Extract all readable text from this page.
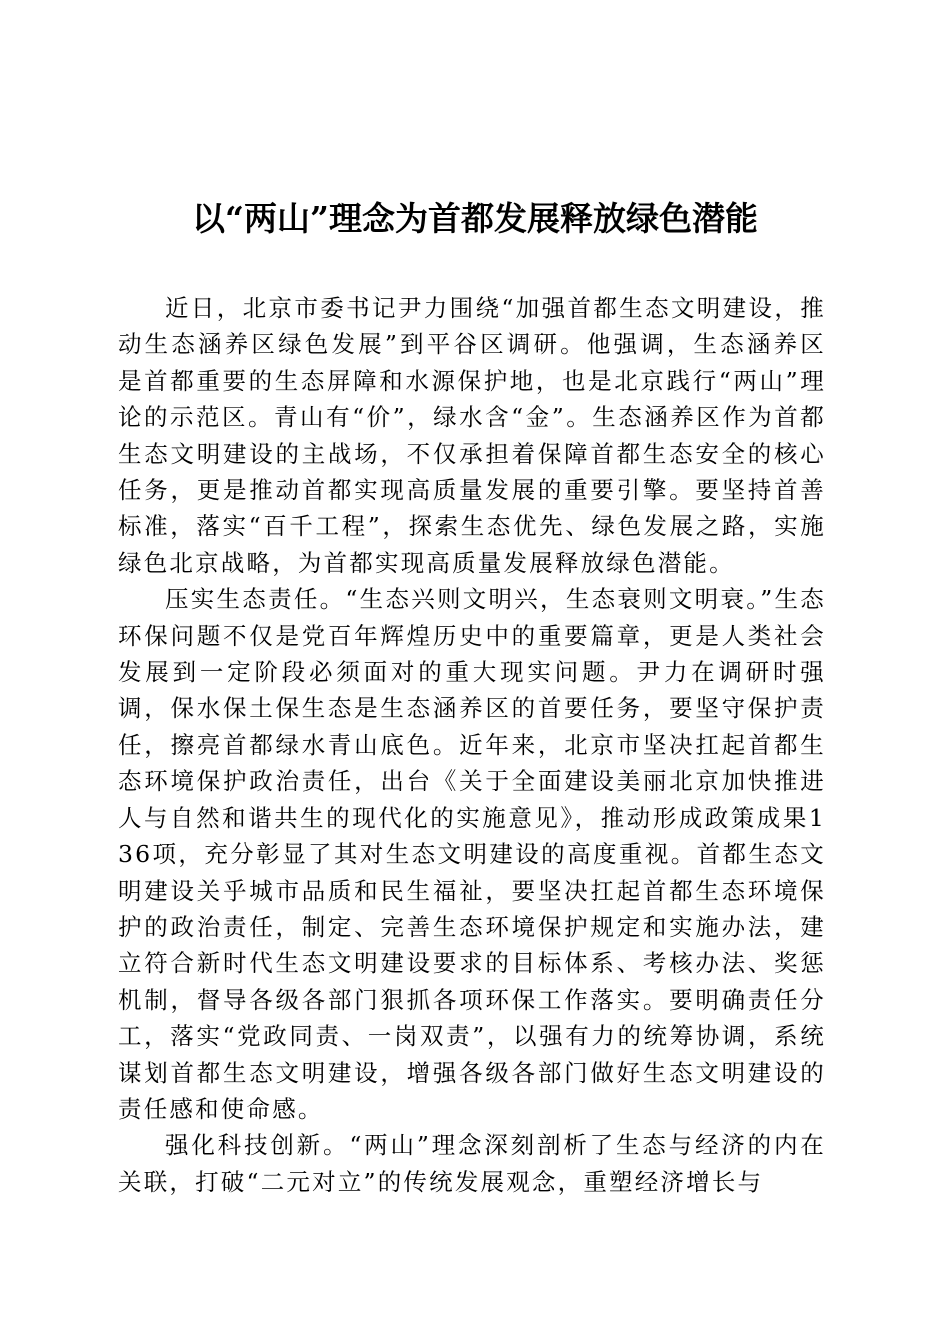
以“两山”理念为首都发展释放绿色潜能

近日，北京市委书记尹力围绕“加强首都生态文明建设，推动生态涵养区绿色发展”到平谷区调研。他强调，生态涵养区是首都重要的生态屏障和水源保护地，也是北京践行“两山”理论的示范区。青山有“价”，绿水含“金”。生态涵养区作为首都生态文明建设的主战场，不仅承担着保障首都生态安全的核心任务，更是推动首都实现高质量发展的重要引擎。要坚持首善标准，落实“百千工程”，探索生态优先、绿色发展之路，实施绿色北京战略，为首都实现高质量发展释放绿色潜能。

压实生态责任。“生态兴则文明兴，生态衰则文明衰。”生态环保问题不仅是党百年辉煌历史中的重要篇章，更是人类社会发展到一定阶段必须面对的重大现实问题。尹力在调研时强调，保水保土保生态是生态涵养区的首要任务，要坚守保护责任，擦亮首都绿水青山底色。近年来，北京市坚决扛起首都生态环境保护政治责任，出台《关于全面建设美丽北京加快推进人与自然和谐共生的现代化的实施意见》，推动形成政策成果136项，充分彰显了其对生态文明建设的高度重视。首都生态文明建设关乎城市品质和民生福祉，要坚决扛起首都生态环境保护的政治责任，制定、完善生态环境保护规定和实施办法，建立符合新时代生态文明建设要求的目标体系、考核办法、奖惩机制，督导各级各部门狠抓各项环保工作落实。要明确责任分工，落实“党政同责、一岗双责”，以强有力的统筹协调，系统谋划首都生态文明建设，增强各级各部门做好生态文明建设的责任感和使命感。

强化科技创新。“两山”理念深刻剖析了生态与经济的内在关联，打破“二元对立”的传统发展观念，重塑经济增长与
